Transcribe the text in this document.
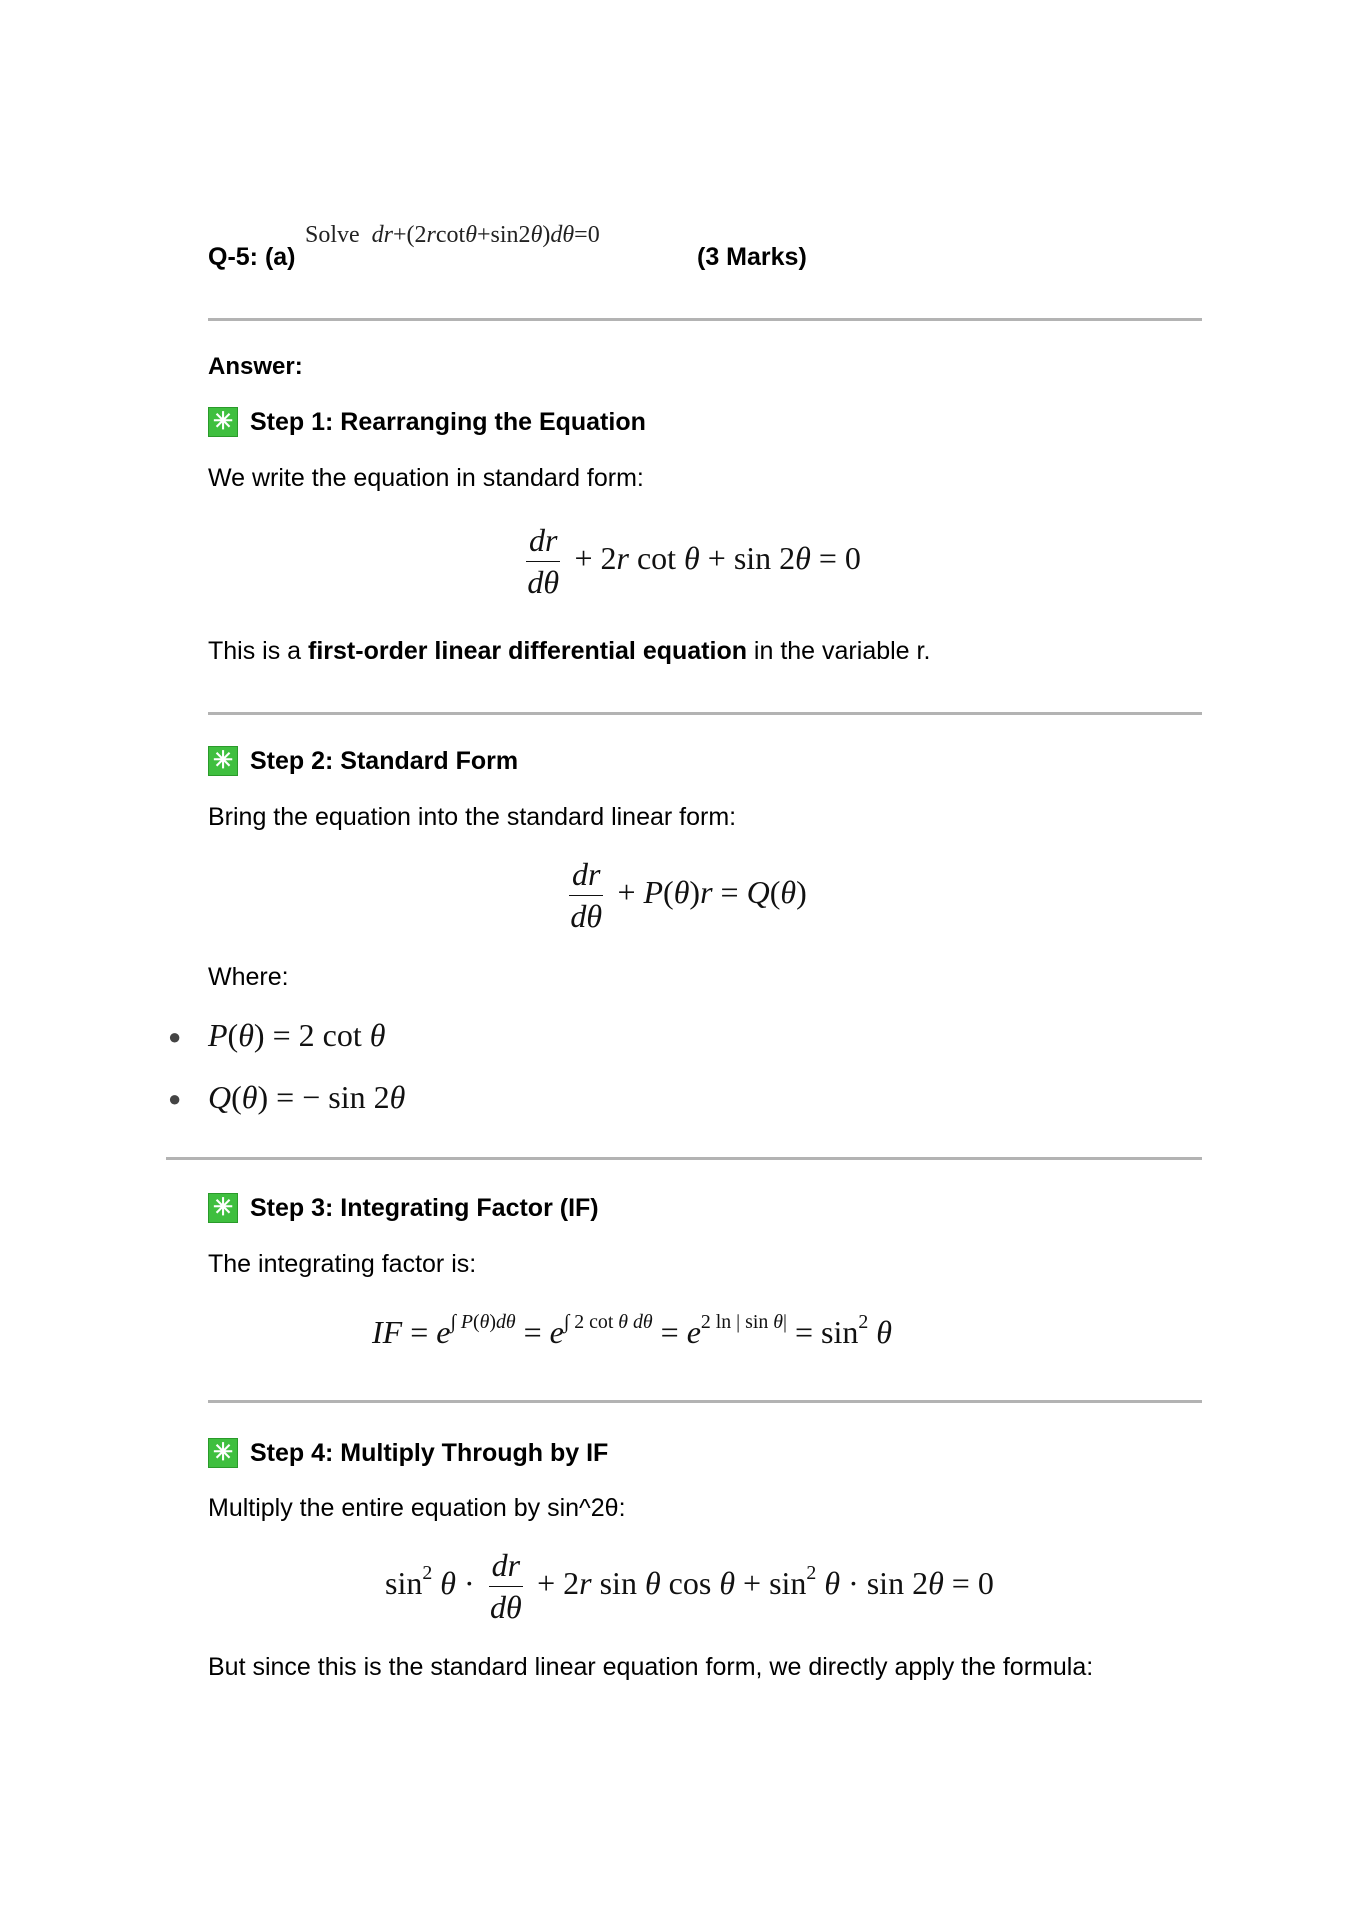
Q-5: (a)
Solve dr+(2rcotθ+sin2θ)dθ=0
(3 Marks)
Answer:
✳ Step 1: Rearranging the Equation
We write the equation in standard form:
$\frac{dr}{d\theta} + 2r$ cot θ + sin 2θ = 0
This is a first-order linear differential equation in the variable r.
✳ Step 2: Standard Form
Bring the equation into the standard linear form:
$\frac{dr}{d\theta} + P(\theta)r = Q(\theta)$
Where:
● P(θ) = 2 cot θ
● Q(θ) = − sin 2θ
✳ Step 3: Integrating Factor (IF)
The integrating factor is:
IF = $e^{\int P(\theta)d\theta} = e^{\int 2 cot \theta d\theta} = e^{2 ln | sin \theta|} = \sin^2 \theta$
✳ Step 4: Multiply Through by IF
Multiply the entire equation by sin^2θ:
$\sin^2 \theta \cdot \frac{dr}{d\theta} + 2r$ sin θ $\cos \theta + \sin^2 \theta \cdot \sin 2\theta = 0$
But since this is the standard linear equation form, we directly apply the formula:
